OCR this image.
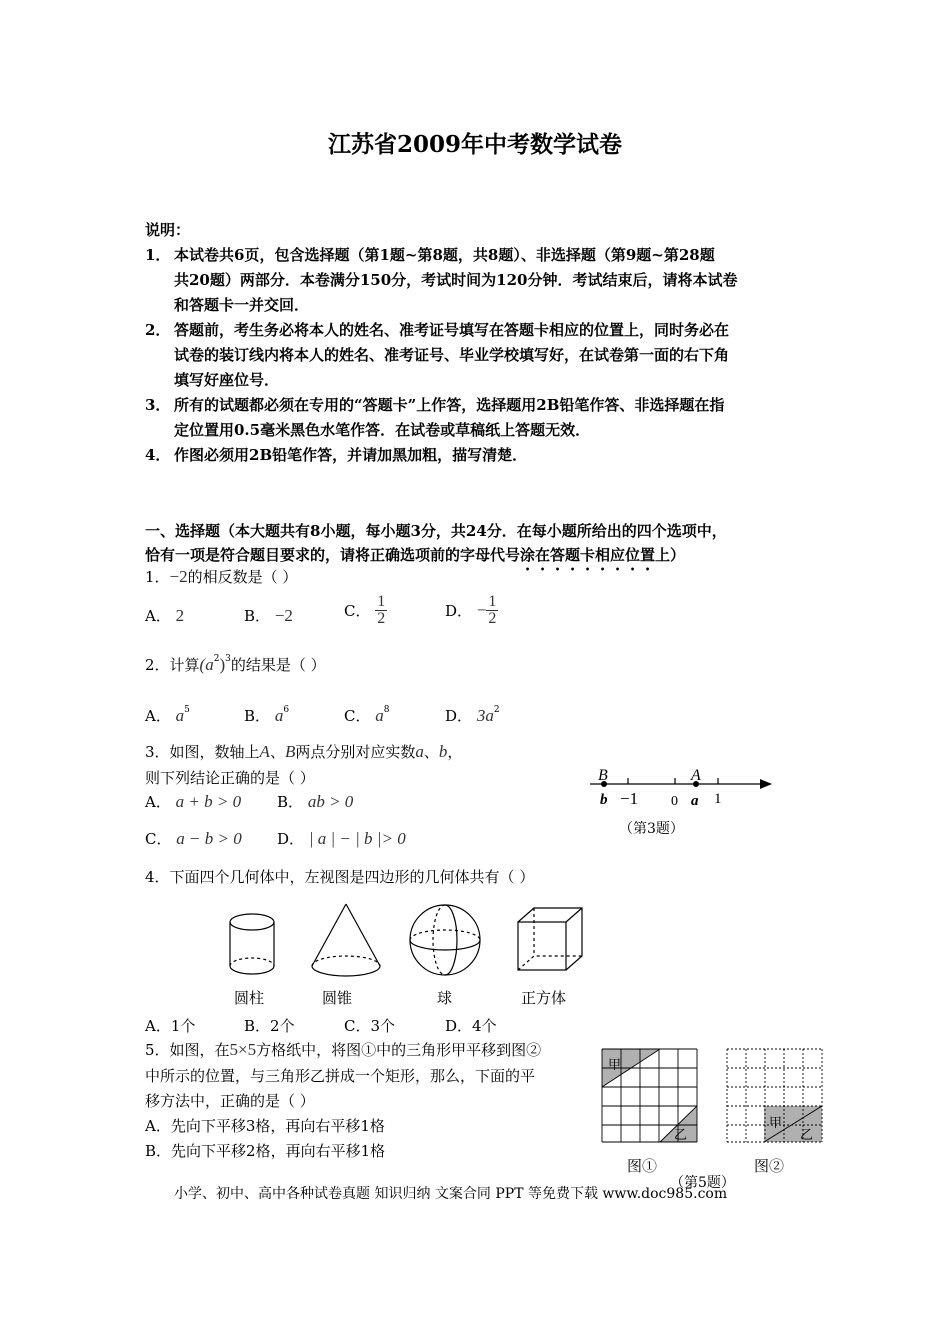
江苏省2009年中考数学试卷
说明：
1． 本试卷共6页，包含选择题（第1题~第8题，共8题）、非选择题（第9题~第28题
共20题）两部分．本卷满分150分，考试时间为120分钟．考试结束后，请将本试卷
和答题卡一并交回．
2． 答题前，考生务必将本人的姓名、准考证号填写在答题卡相应的位置上，同时务必在
试卷的装订线内将本人的姓名、准考证号、毕业学校填写好，在试卷第一面的右下角
填写好座位号．
3． 所有的试题都必须在专用的“答题卡”上作答，选择题用2B铅笔作答、非选择题在指
定位置用0.5毫米黑色水笔作答．在试卷或草稿纸上答题无效．
4． 作图必须用2B铅笔作答，并请加黑加粗，描写清楚．
一、选择题（本大题共有8小题，每小题3分，共24分．在每小题所给出的四个选项中，
恰有一项是符合题目要求的，请将正确选项前的字母代号涂在答题卡相应位置上）
1．−2的相反数是（ ）
A． 2	B． −2	C． $\frac{1}{2}$	D． − $\frac{1}{2}$
2．计算$(a^2)^3$的结果是（ ）
A． $a^5$	B． $a^6$	C． $a^8$	D． $3a^2$
3．如图，数轴上A、B两点分别对应实数a、b，
则下列结论正确的是（ ）
A． a + b > 0 B． ab > 0
C． a − b > 0 D． | a | − | b |> 0
B	A
b −1 0 a 1
（第3题）
4．下面四个几何体中，左视图是四边形的几何体共有（ ）
圆柱	圆锥	球	正方体
A．1个	B．2个	C．3个	D．4个
5．如图，在5×5方格纸中，将图①中的三角形甲平移到图②
中所示的位置，与三角形乙拼成一个矩形，那么，下面的平
移方法中，正确的是（ ）
A．先向下平移3格，再向右平移1格
B．先向下平移2格，再向右平移1格
甲
乙
甲
乙
图①	图②
（第5题）
小学、初中、高中各种试卷真题 知识归纳 文案合同 PPT 等免费下载 www.doc985.com
